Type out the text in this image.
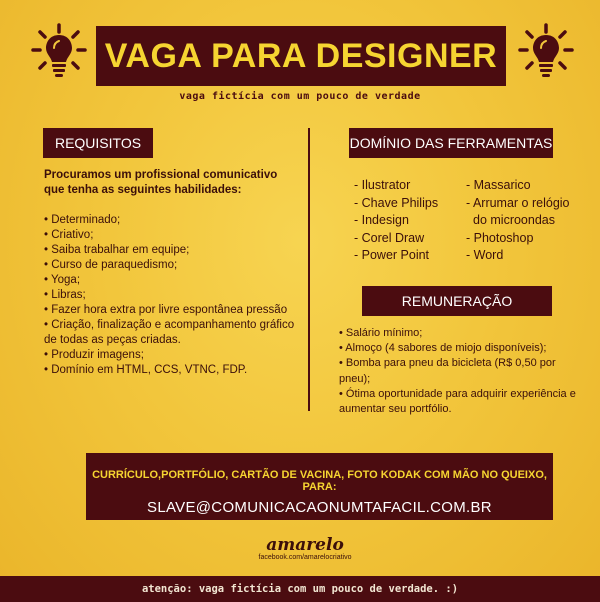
VAGA PARA DESIGNER
vaga fictícia com um pouco de verdade
REQUISITOS
Procuramos um profissional comunicativo que tenha as seguintes habilidades:
• Determinado;
• Criativo;
• Saiba trabalhar em equipe;
• Curso de paraquedismo;
• Yoga;
• Libras;
• Fazer hora extra por livre espontânea pressão
• Criação, finalização e acompanhamento gráfico de todas as peças criadas.
• Produzir imagens;
• Domínio em HTML, CCS, VTNC, FDP.
DOMÍNIO DAS FERRAMENTAS
- Ilustrator
- Chave Philips
- Indesign
- Corel Draw
- Power Point
- Massarico
- Arrumar o relógio
do microondas
- Photoshop
- Word
REMUNERAÇÃO
• Salário mínimo;
• Almoço (4 sabores de miojo disponíveis);
• Bomba para pneu da bicicleta (R$ 0,50 por pneu);
• Ótima oportunidade para adquirir experiência e aumentar seu portfólio.
CURRÍCULO,PORTFÓLIO, CARTÃO DE VACINA, FOTO KODAK COM MÃO NO QUEIXO, PARA:
SLAVE@COMUNICACAONUMTAFACIL.COM.BR
amarelo
facebook.com/amarelocriativo
atenção: vaga fictícia com um pouco de verdade. :)
